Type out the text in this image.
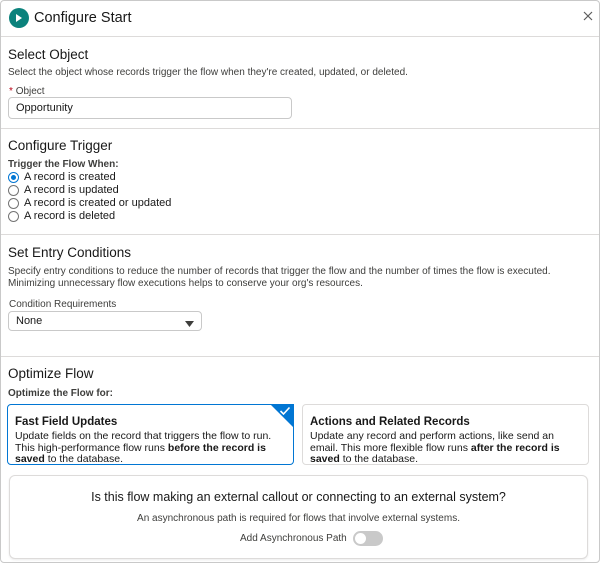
Configure Start
Select Object
Select the object whose records trigger the flow when they're created, updated, or deleted.
* Object
Opportunity
Configure Trigger
Trigger the Flow When:
A record is created
A record is updated
A record is created or updated
A record is deleted
Set Entry Conditions
Specify entry conditions to reduce the number of records that trigger the flow and the number of times the flow is executed. Minimizing unnecessary flow executions helps to conserve your org's resources.
Condition Requirements
None
Optimize Flow
Optimize the Flow for:
Fast Field Updates
Update fields on the record that triggers the flow to run. This high-performance flow runs before the record is saved to the database.
Actions and Related Records
Update any record and perform actions, like send an email. This more flexible flow runs after the record is saved to the database.
Is this flow making an external callout or connecting to an external system?
An asynchronous path is required for flows that involve external systems.
Add Asynchronous Path
